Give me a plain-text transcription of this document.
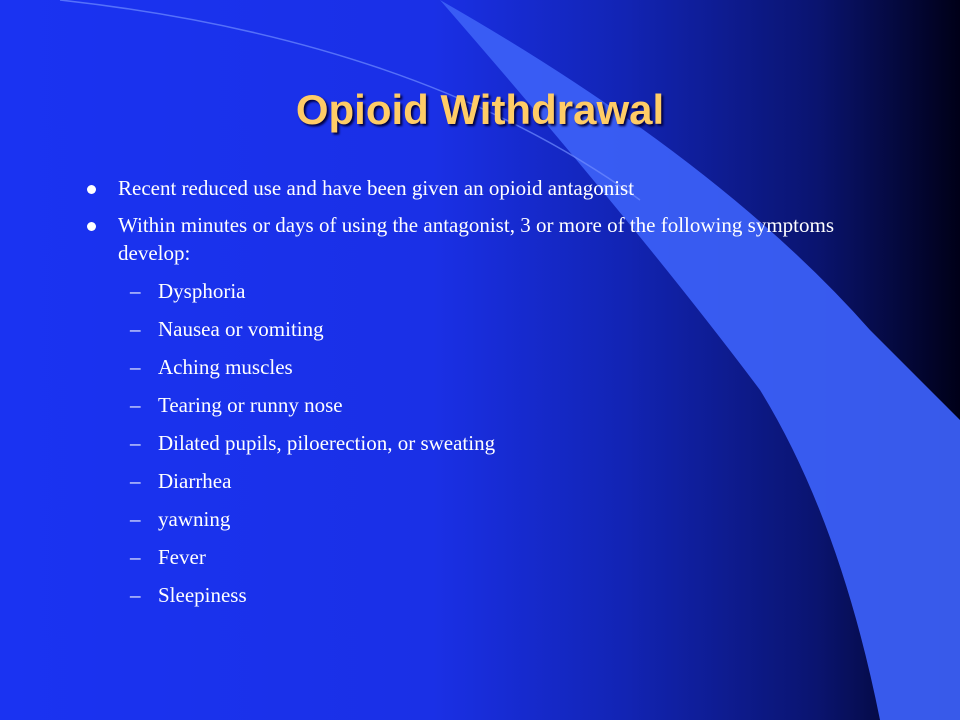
Opioid Withdrawal
Recent reduced use and have been given an opioid antagonist
Within minutes or days of using the antagonist, 3 or more of the following symptoms develop:
– Dysphoria
– Nausea or vomiting
– Aching muscles
– Tearing or runny nose
– Dilated pupils, piloerection, or sweating
– Diarrhea
– yawning
– Fever
– Sleepiness
